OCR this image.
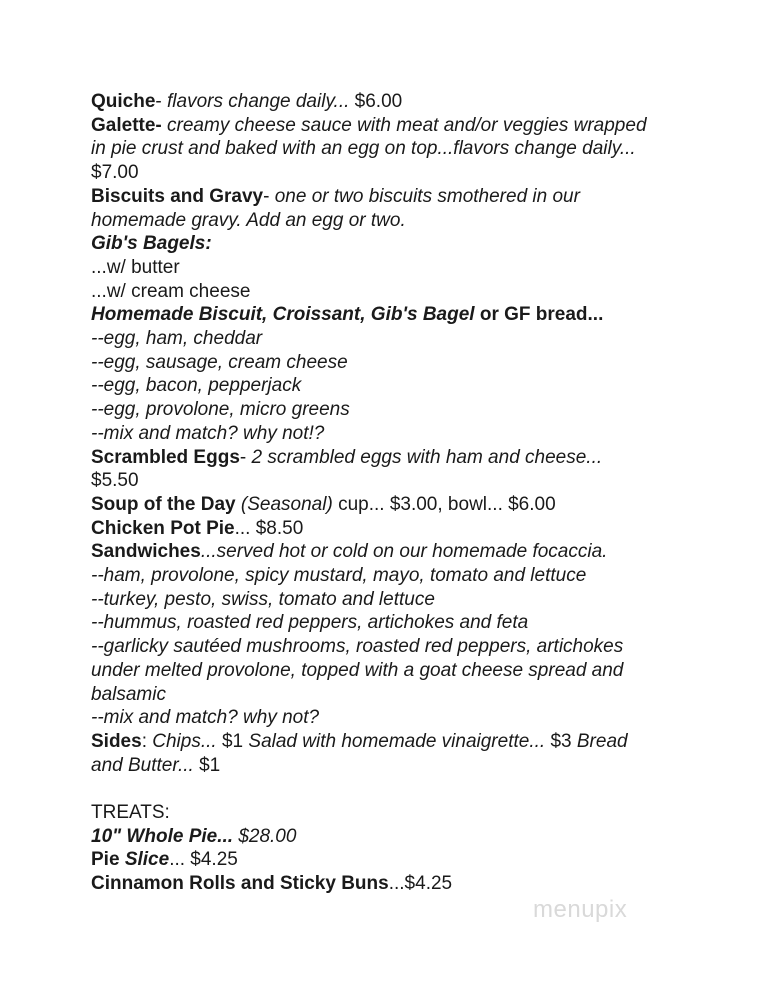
Quiche- flavors change daily... $6.00
Galette- creamy cheese sauce with meat and/or veggies wrapped
in pie crust and baked with an egg on top...flavors change daily...
$7.00
Biscuits and Gravy- one or two biscuits smothered in our
homemade gravy. Add an egg or two.
Gib's Bagels:
...w/ butter
...w/ cream cheese
Homemade Biscuit, Croissant, Gib's Bagel or GF bread...
--egg, ham, cheddar
--egg, sausage, cream cheese
--egg, bacon, pepperjack
--egg, provolone, micro greens
--mix and match? why not!?
Scrambled Eggs- 2 scrambled eggs with ham and cheese...
$5.50
Soup of the Day (Seasonal) cup... $3.00, bowl... $6.00
Chicken Pot Pie... $8.50
Sandwiches...served hot or cold on our homemade focaccia.
--ham, provolone, spicy mustard, mayo, tomato and lettuce
--turkey, pesto, swiss, tomato and lettuce
--hummus, roasted red peppers, artichokes and feta
--garlicky sautéed mushrooms, roasted red peppers, artichokes
under melted provolone, topped with a goat cheese spread and
balsamic
--mix and match? why not?
Sides: Chips... $1 Salad with homemade vinaigrette... $3 Bread
and Butter... $1
TREATS:
10" Whole Pie... $28.00
Pie Slice... $4.25
Cinnamon Rolls and Sticky Buns...$4.25
menupix
